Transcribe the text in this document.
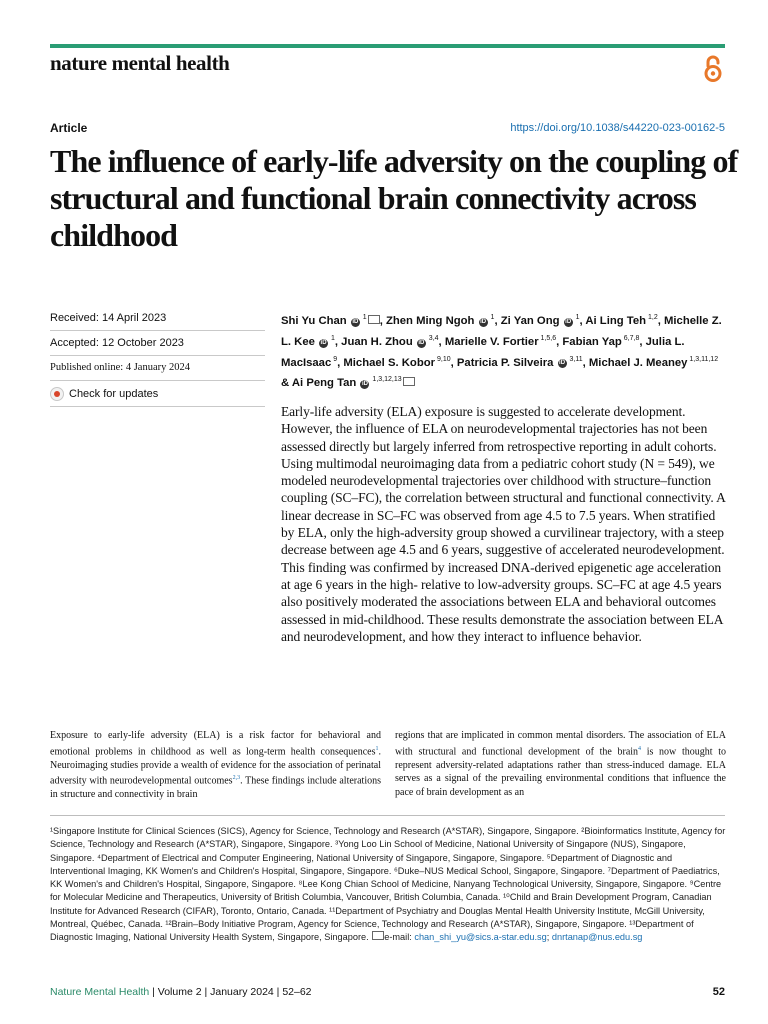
nature mental health
Article	https://doi.org/10.1038/s44220-023-00162-5
The influence of early-life adversity on the coupling of structural and functional brain connectivity across childhood
Received: 14 April 2023
Accepted: 12 October 2023
Published online: 4 January 2024
Check for updates
Shi Yu Chan iD $^1$ , Zhen Ming Ngoh iD $^1$, Zi Yan Ong iD $^1$, Ai Ling Teh $^{1,2}$, Michelle Z. L. Kee iD $^1$, Juan H. Zhou iD $^{3,4}$, Marielle V. Fortier $^{1,5,6}$, Fabian Yap $^{6,7,8}$, Julia L. MacIsaac $^9$, Michael S. Kobor $^{9,10}$, Patricia P. Silveira iD $^{3,11}$, Michael J. Meaney $^{1,3,11,12}$ & Ai Peng Tan iD $^{1,3,12,13}$

Early-life adversity (ELA) exposure is suggested to accelerate development. However, the influence of ELA on neurodevelopmental trajectories has not been assessed directly but largely inferred from retrospective reporting in adult cohorts. Using multimodal neuroimaging data from a pediatric cohort study (N = 549), we modeled neurodevelopmental trajectories over childhood with structure–function coupling (SC–FC), the correlation between structural and functional connectivity. A linear decrease in SC–FC was observed from age 4.5 to 7.5 years. When stratified by ELA, only the high-adversity group showed a curvilinear trajectory, with a steep decrease between age 4.5 and 6 years, suggestive of accelerated neurodevelopment. This finding was confirmed by increased DNA-derived epigenetic age acceleration at age 6 years in the high- relative to low-adversity groups. SC–FC at age 4.5 years also positively moderated the associations between ELA and behavioral outcomes assessed in mid-childhood. These results demonstrate the association between ELA and neurodevelopment, and how they interact to influence behavior.

Exposure to early-life adversity (ELA) is a risk factor for behavioral and emotional problems in childhood as well as long-term health consequences$^1$. Neuroimaging studies provide a wealth of evidence for the association of perinatal adversity with neurodevelopmental outcomes$^{2,3}$. These findings include alterations in structure and connectivity in brain

regions that are implicated in common mental disorders. The association of ELA with structural and functional development of the brain$^4$ is now thought to represent adversity-related adaptations rather than stress-induced damage. ELA serves as a signal of the prevailing environmental conditions that influence the pace of brain development as an

¹Singapore Institute for Clinical Sciences (SICS), Agency for Science, Technology and Research (A*STAR), Singapore, Singapore. ²Bioinformatics Institute, Agency for Science, Technology and Research (A*STAR), Singapore, Singapore. ³Yong Loo Lin School of Medicine, National University of Singapore (NUS), Singapore, Singapore. ⁴Department of Electrical and Computer Engineering, National University of Singapore, Singapore, Singapore. ⁵Department of Diagnostic and Interventional Imaging, KK Women's and Children's Hospital, Singapore, Singapore. ⁶Duke–NUS Medical School, Singapore, Singapore. ⁷Department of Paediatrics, KK Women's and Children's Hospital, Singapore, Singapore. ⁸Lee Kong Chian School of Medicine, Nanyang Technological University, Singapore, Singapore. ⁹Centre for Molecular Medicine and Therapeutics, University of British Columbia, Vancouver, British Columbia, Canada. ¹⁰Child and Brain Development Program, Canadian Institute for Advanced Research (CIFAR), Toronto, Ontario, Canada. ¹¹Department of Psychiatry and Douglas Mental Health University Institute, McGill University, Montreal, Québec, Canada. ¹²Brain–Body Initiative Program, Agency for Science, Technology and Research (A*STAR), Singapore, Singapore. ¹³Department of Diagnostic Imaging, National University Health System, Singapore, Singapore. e-mail: chan_shi_yu@sics.a-star.edu.sg; dnrtanap@nus.edu.sg

Nature Mental Health | Volume 2 | January 2024 | 52–62	52
